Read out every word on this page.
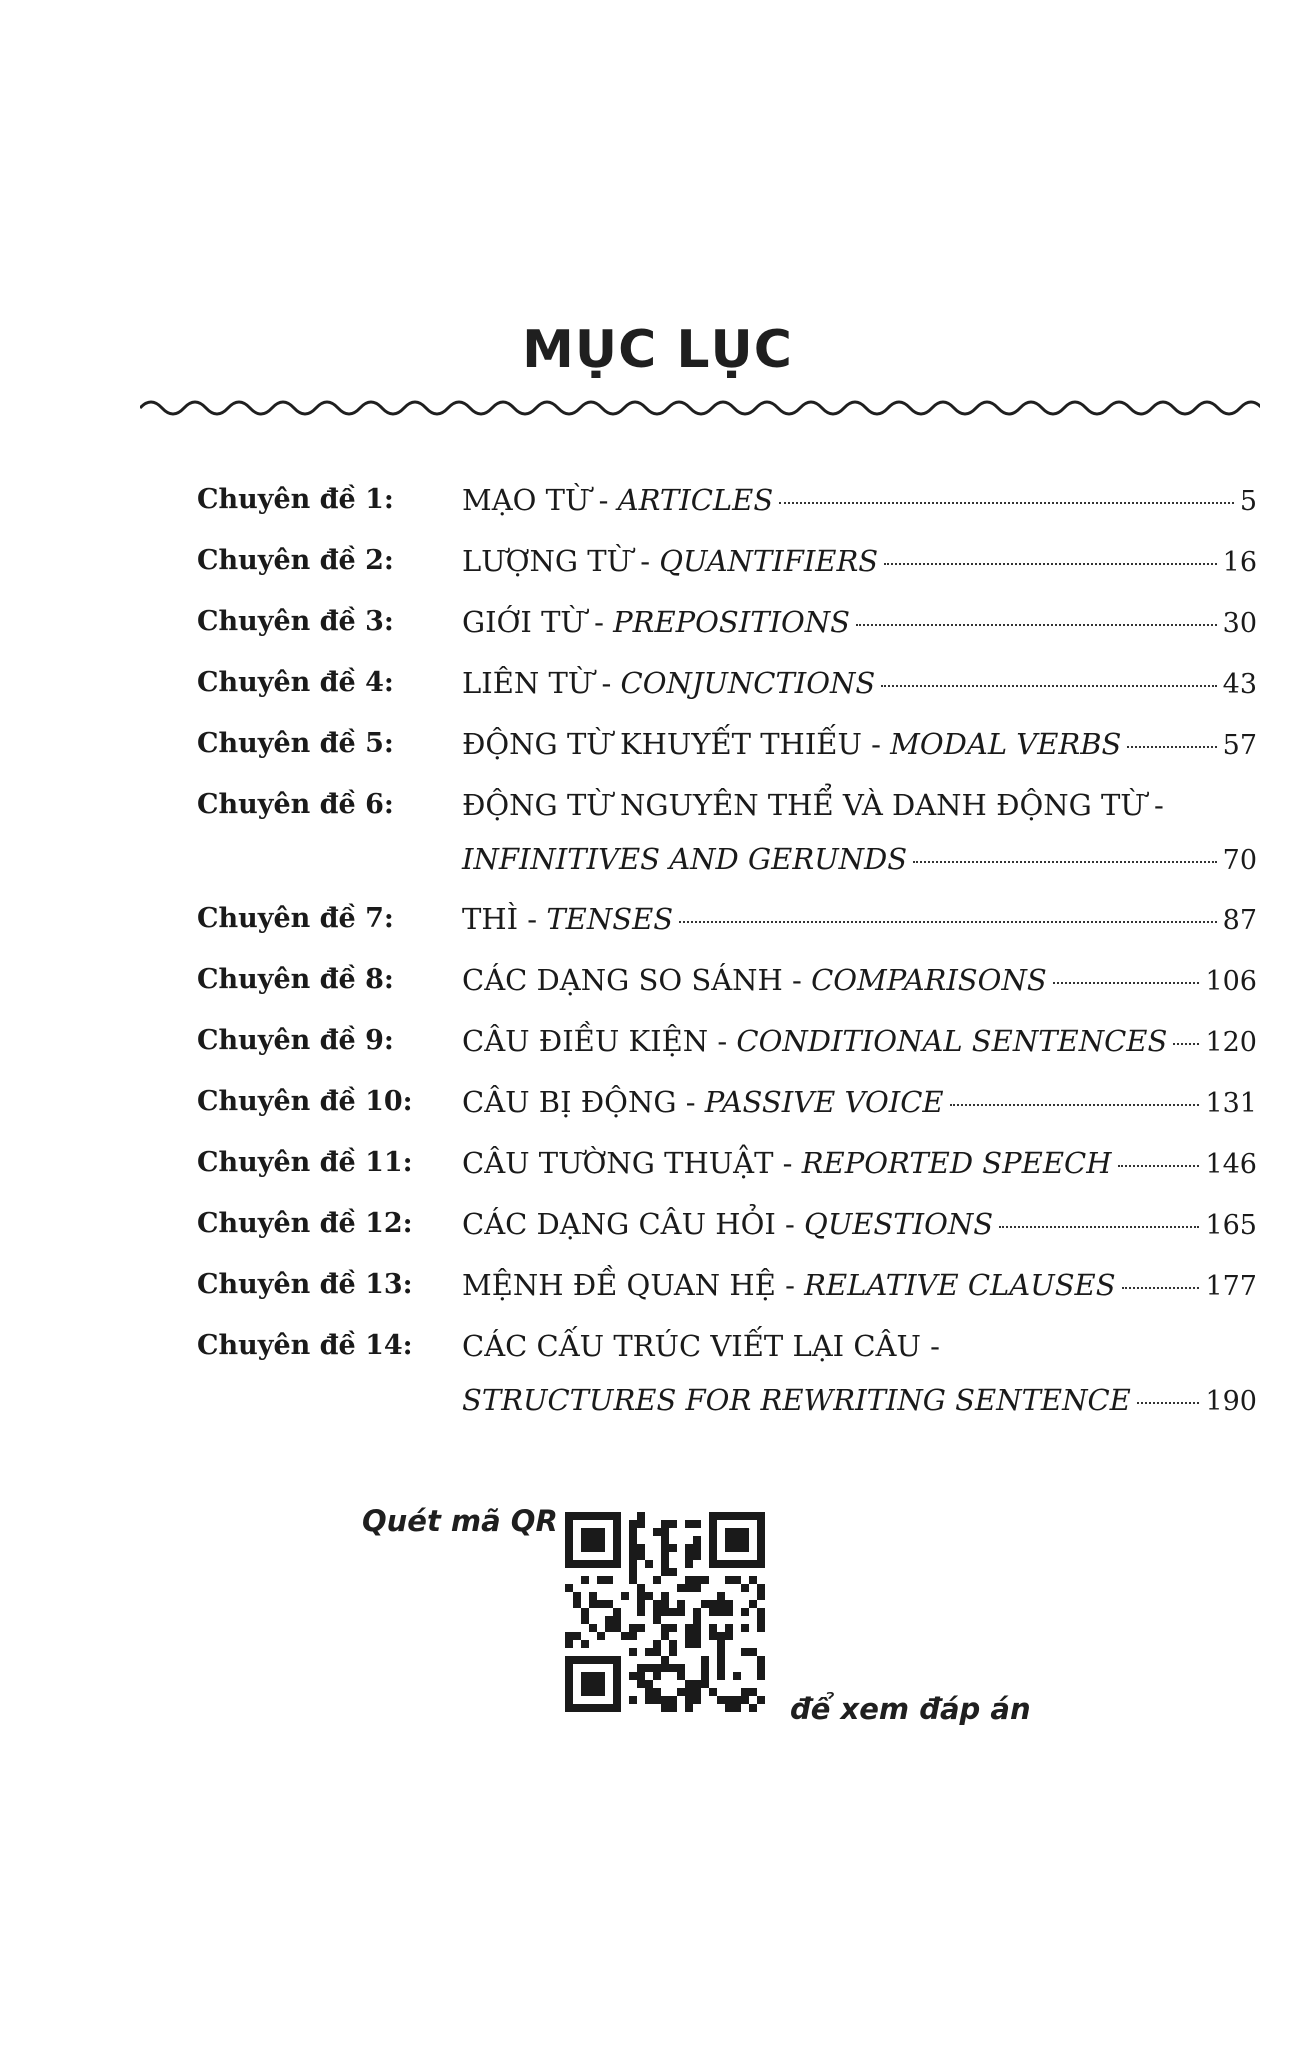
MỤC LỤC
Chuyên đề 1:	MẠO TỪ - ARTICLES	5
Chuyên đề 2:	LƯỢNG TỪ - QUANTIFIERS	16
Chuyên đề 3:	GIỚI TỪ - PREPOSITIONS	30
Chuyên đề 4:	LIÊN TỪ - CONJUNCTIONS	43
Chuyên đề 5:	ĐỘNG TỪ KHUYẾT THIẾU - MODAL VERBS	57
Chuyên đề 6:	ĐỘNG TỪ NGUYÊN THỂ VÀ DANH ĐỘNG TỪ -
INFINITIVES AND GERUNDS	70
Chuyên đề 7:	THÌ - TENSES	87
Chuyên đề 8:	CÁC DẠNG SO SÁNH - COMPARISONS	106
Chuyên đề 9:	CÂU ĐIỀU KIỆN - CONDITIONAL SENTENCES 120
Chuyên đề 10:	CÂU BỊ ĐỘNG - PASSIVE VOICE	131
Chuyên đề 11:	CÂU TƯỜNG THUẬT - REPORTED SPEECH	146
Chuyên đề 12:	CÁC DẠNG CÂU HỎI - QUESTIONS	165
Chuyên đề 13:	MỆNH ĐỀ QUAN HỆ - RELATIVE CLAUSES	177
Chuyên đề 14:	CÁC CẤU TRÚC VIẾT LẠI CÂU -
STRUCTURES FOR REWRITING SENTENCE	190
Quét mã QR
để xem đáp án
